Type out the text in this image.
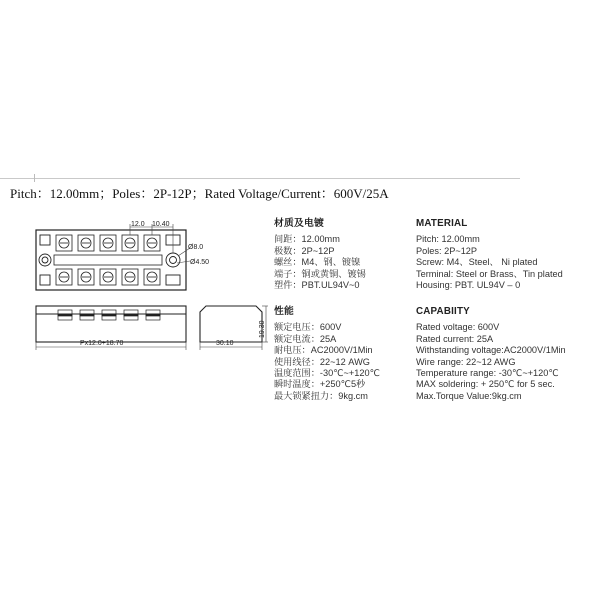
Pitch：12.00mm；Poles：2P-12P；Rated Voltage/Current：600V/25A
12.0 10.40
Ø8.0
Ø4.50
Px12.0+18.70
19.30
30.10
材质及电镀
间距：12.00mm
极数：2P~12P
螺丝：M4、钢、镀镍
端子：铜或黄铜、镀锡
塑件：PBT.UL94V~0
MATERIAL
Pitch: 12.00mm
Poles: 2P~12P
Screw: M4、Steel、 Ni plated
Terminal: Steel or Brass、Tin plated
Housing: PBT. UL94V – 0
性能
额定电压：600V
额定电流：25A
耐电压：AC2000V/1Min
使用线径：22~12 AWG
温度范围：-30℃~+120℃
瞬时温度：+250℃5秒
最大锁紧扭力：9kg.cm
CAPABIITY
Rated voltage: 600V
Rated current: 25A
Withstanding voltage:AC2000V/1Min
Wire range: 22~12 AWG
Temperature range: -30℃~+120℃
MAX soldering: + 250℃ for 5 sec.
Max.Torque Value:9kg.cm
